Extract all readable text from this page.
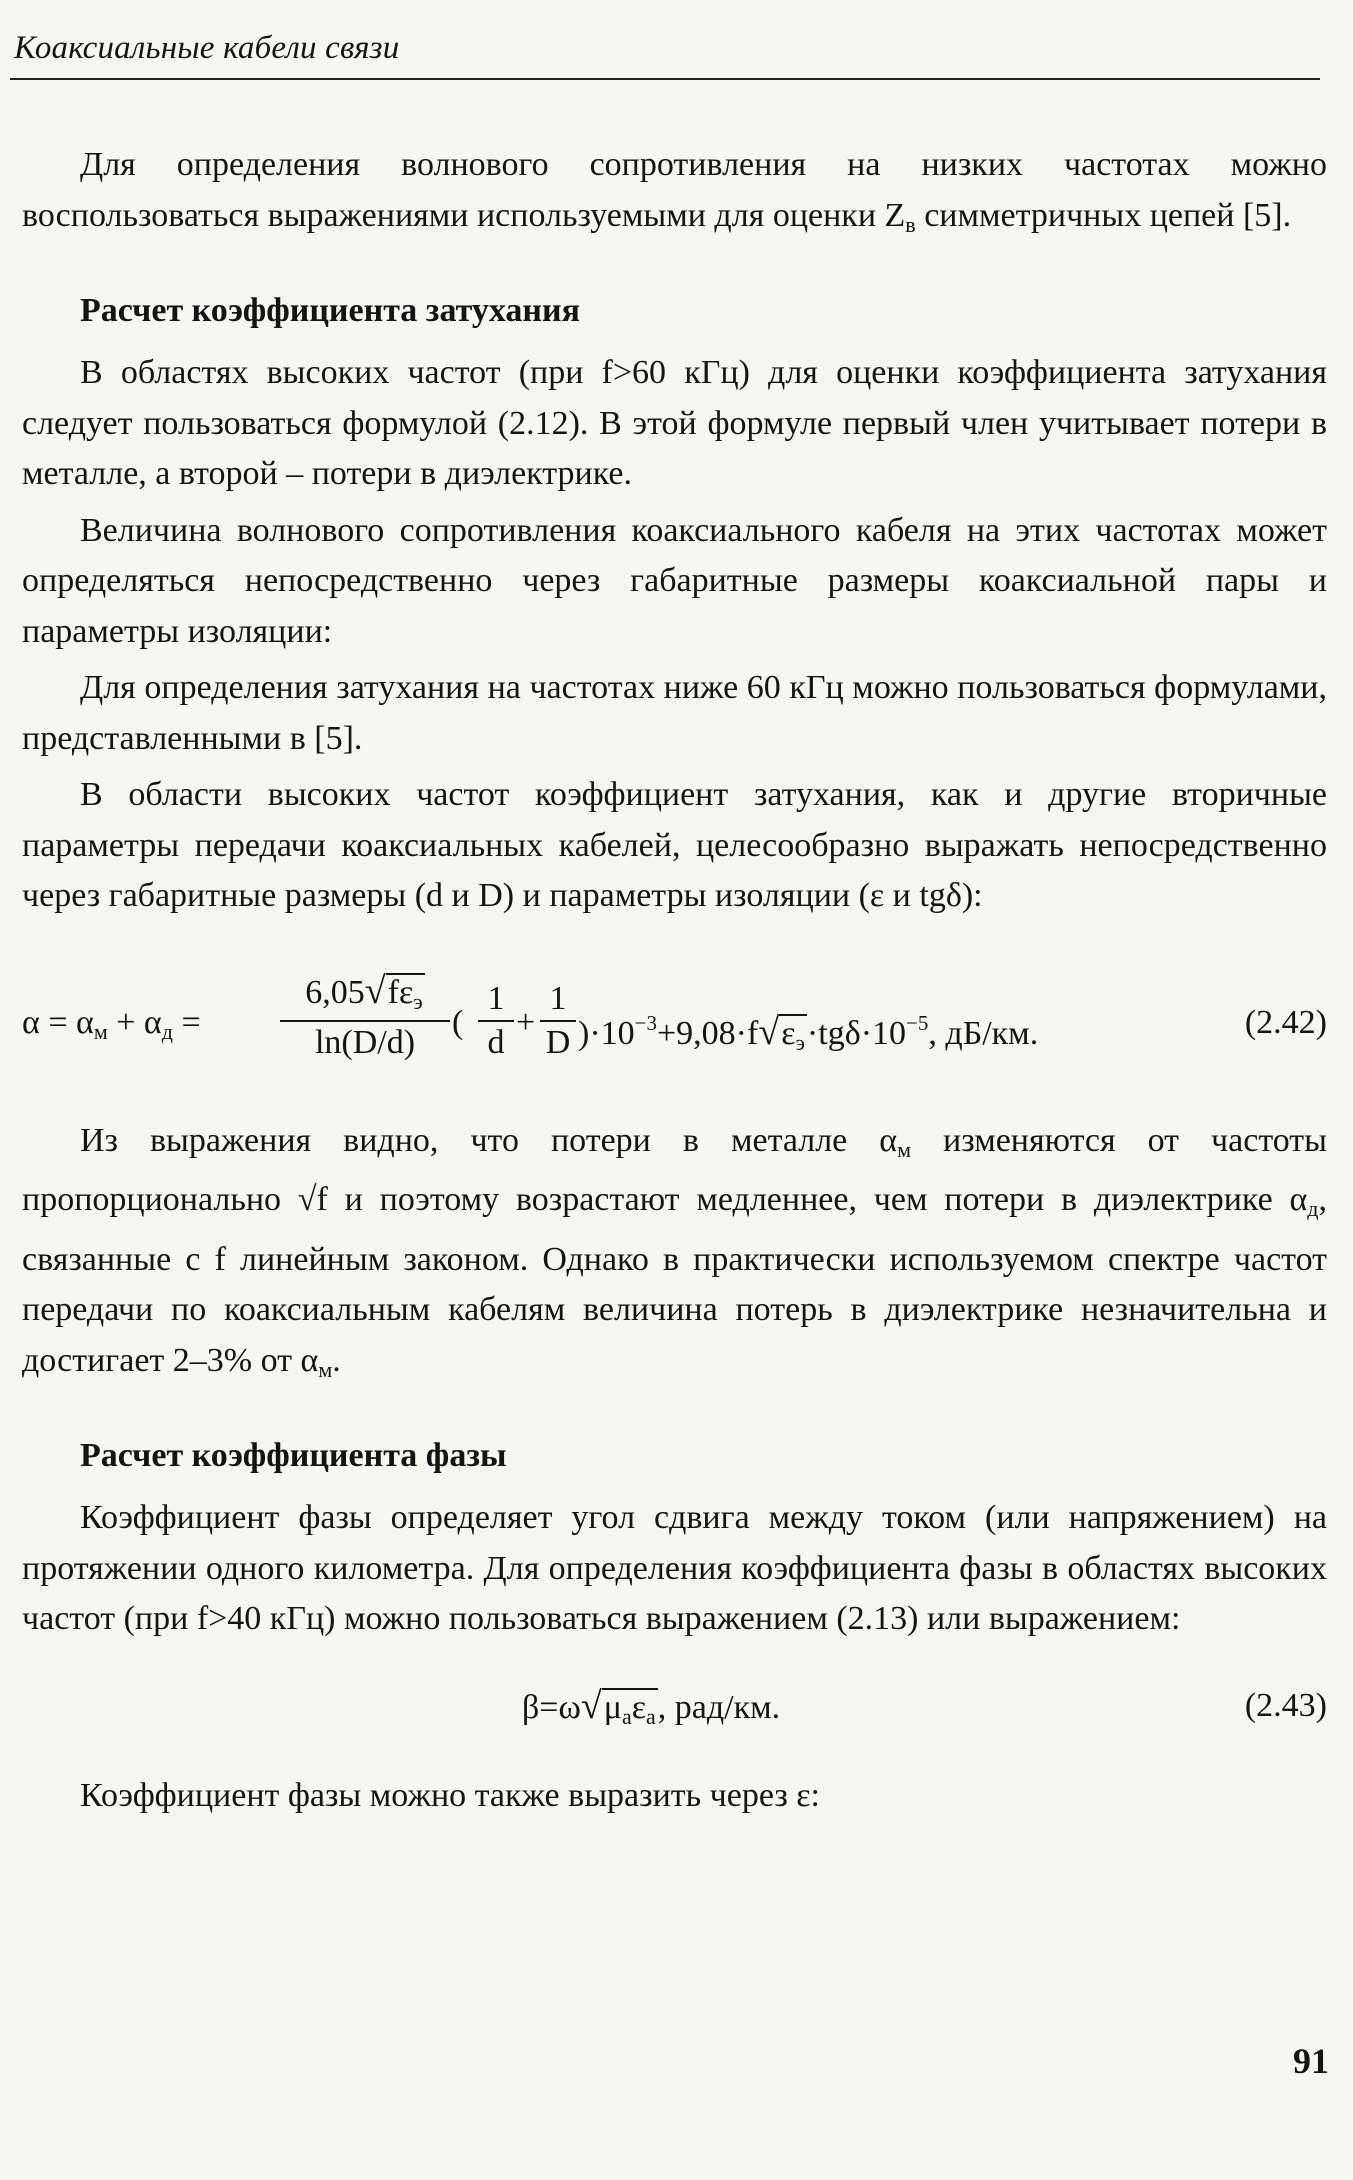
Коаксиальные кабели связи

Для определения волнового сопротивления на низких частотах можно воспользоваться выражениями используемыми для оценки $Z_в$ симметричных цепей [5].

Расчет коэффициента затухания

В областях высоких частот (при f>60 кГц) для оценки коэффициента затухания следует пользоваться формулой (2.12). В этой формуле первый член учитывает потери в металле, а второй – потери в диэлектрике.

Величина волнового сопротивления коаксиального кабеля на этих частотах может определяться непосредственно через габаритные размеры коаксиальной пары и параметры изоляции:

Для определения затухания на частотах ниже 60 кГц можно пользоваться формулами, представленными в [5].

В области высоких частот коэффициент затухания, как и другие вторичные параметры передачи коаксиальных кабелей, целесообразно выражать непосредственно через габаритные размеры (d и D) и параметры изоляции (ε и tgδ):

$\alpha = \alpha_м + \alpha_д$ =
$6,05√f\varepsilon_э$
ln(D/d)
( $\frac{1}{d} + \frac{1}{D} )\cdot 10^{-3}+9,08\cdot f√\varepsilon_э\cdot tg\delta\cdot 10^{-5}$, дБ/км.	(2.42)

Из выражения видно, что потери в металле $\alpha_м$ изменяются от частоты пропорционально √f и поэтому возрастают медленнее, чем потери в диэлектрике $\alpha_д$, связанные с f линейным законом. Однако в практически используемом спектре частот передачи по коаксиальным кабелям величина потерь в диэлектрике незначительна и достигает 2–3% от $\alpha_м$.

Расчет коэффициента фазы

Коэффициент фазы определяет угол сдвига между током (или напряжением) на протяжении одного километра. Для определения коэффициента фазы в областях высоких частот (при f>40 кГц) можно пользоваться выражением (2.13) или выражением:

$\beta=\omega√\mu_a\varepsilon_a$, рад/км.	(2.43)

Коэффициент фазы можно также выразить через ε:

91
